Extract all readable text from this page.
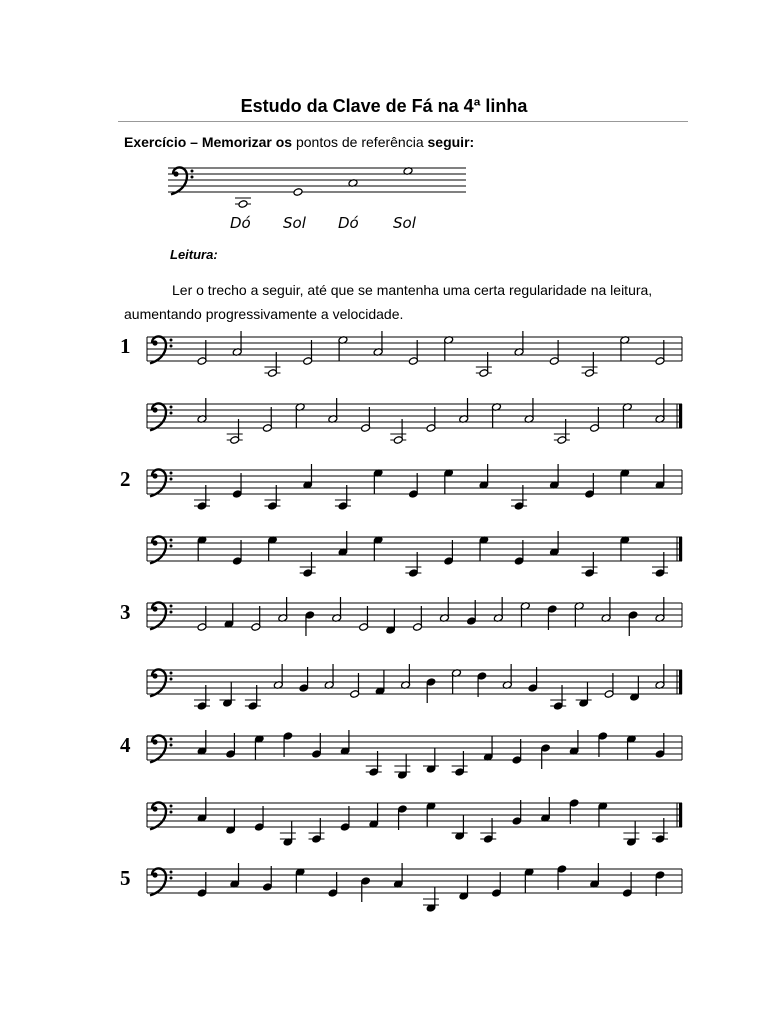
Estudo da Clave de Fá na 4ª linha
Exercício – Memorizar os pontos de referência seguir:
Dó Sol Dó Sol
Leitura:
Ler o trecho a seguir, até que se mantenha uma certa regularidade na leitura,
aumentando progressivamente a velocidade.
1
2
3
4
5
